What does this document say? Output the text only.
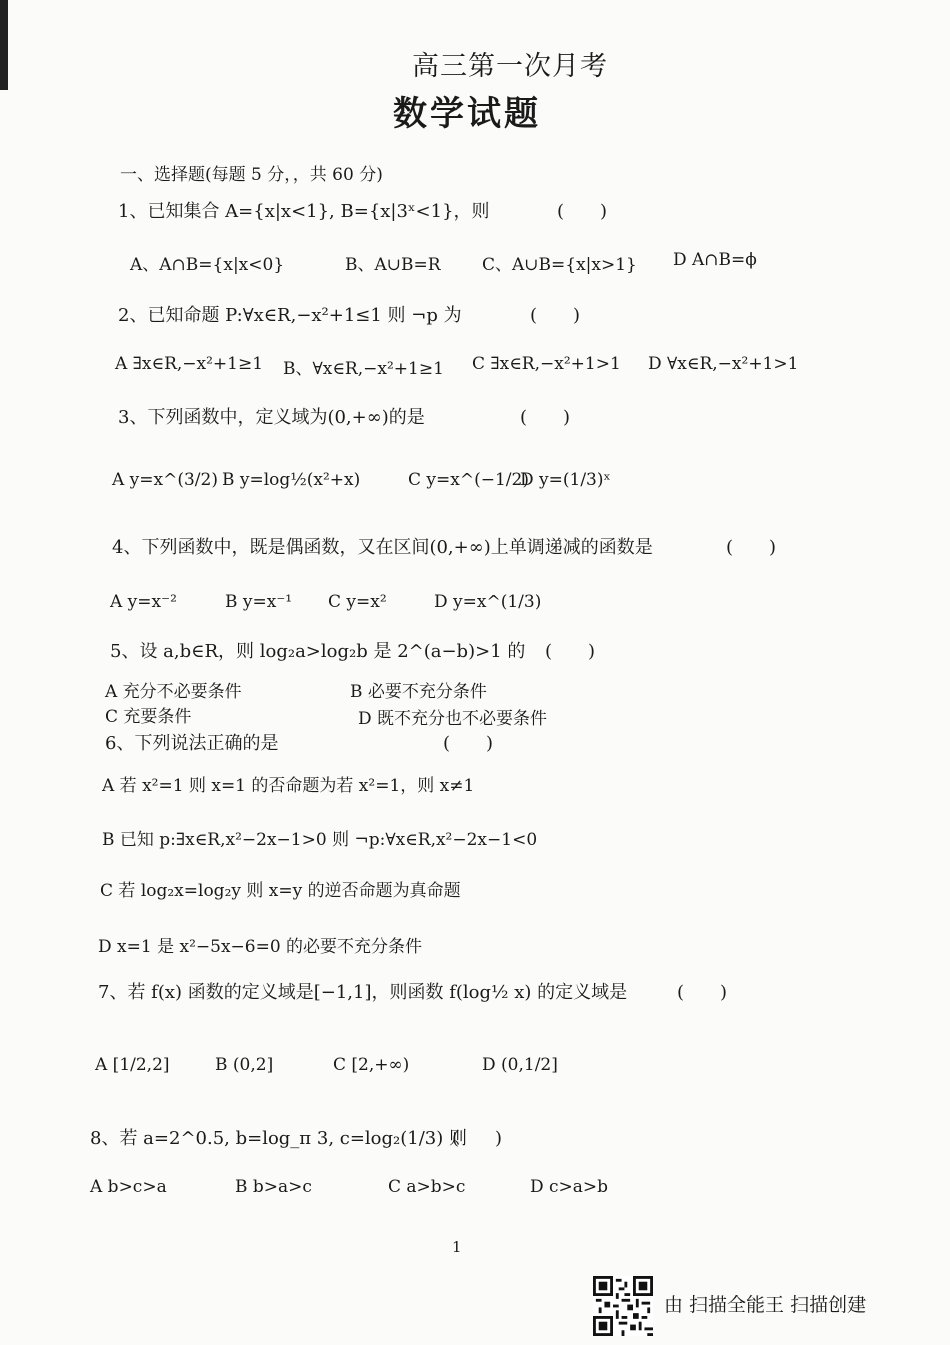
高三第一次月考
数学试题
一、选择题(每题 5 分，，共 60 分)
1、已知集合 A={x|x<1}, B={x|3ˣ<1}，则	(　　)
A、A∩B={x|x<0}	B、A∪B=R C、A∪B={x|x>1} D A∩B=ϕ
2、已知命题 P:∀x∈R,−x²+1≤1 则 ¬p 为	(　　)
A ∃x∈R,−x²+1≥1 B、∀x∈R,−x²+1≥1 C ∃x∈R,−x²+1>1 D ∀x∈R,−x²+1>1
3、下列函数中，定义域为(0,+∞)的是	(　　)
A y=x^(3/2) B y=log½(x²+x)	C y=x^(−1/2)
D y=(1/3)ˣ
4、下列函数中，既是偶函数，又在区间(0,+∞)上单调递减的函数是	(　　)
A y=x⁻²	B y=x⁻¹ C y=x²	D y=x^(1/3)
5、设 a,b∈R，则 log₂a>log₂b 是 2^(a−b)>1 的 (　　)
A 充分不必要条件	B 必要不充分条件
C 充要条件	D 既不充分也不必要条件
6、下列说法正确的是	(　　)
A 若 x²=1 则 x=1 的否命题为若 x²=1，则 x≠1
B 已知 p:∃x∈R,x²−2x−1>0 则 ¬p:∀x∈R,x²−2x−1<0
C 若 log₂x=log₂y 则 x=y 的逆否命题为真命题
D x=1 是 x²−5x−6=0 的必要不充分条件
7、若 f(x) 函数的定义域是[−1,1]，则函数 f(log½ x) 的定义域是	(　　)
A [1/2,2]	B (0,2]	C [2,+∞)	D (0,1/2]
8、若 a=2^0.5, b=log_π 3, c=log₂(1/3) 则
(　　)
A b>c>a	B b>a>c	C a>b>c	D c>a>b
1
由 扫描全能王 扫描创建
